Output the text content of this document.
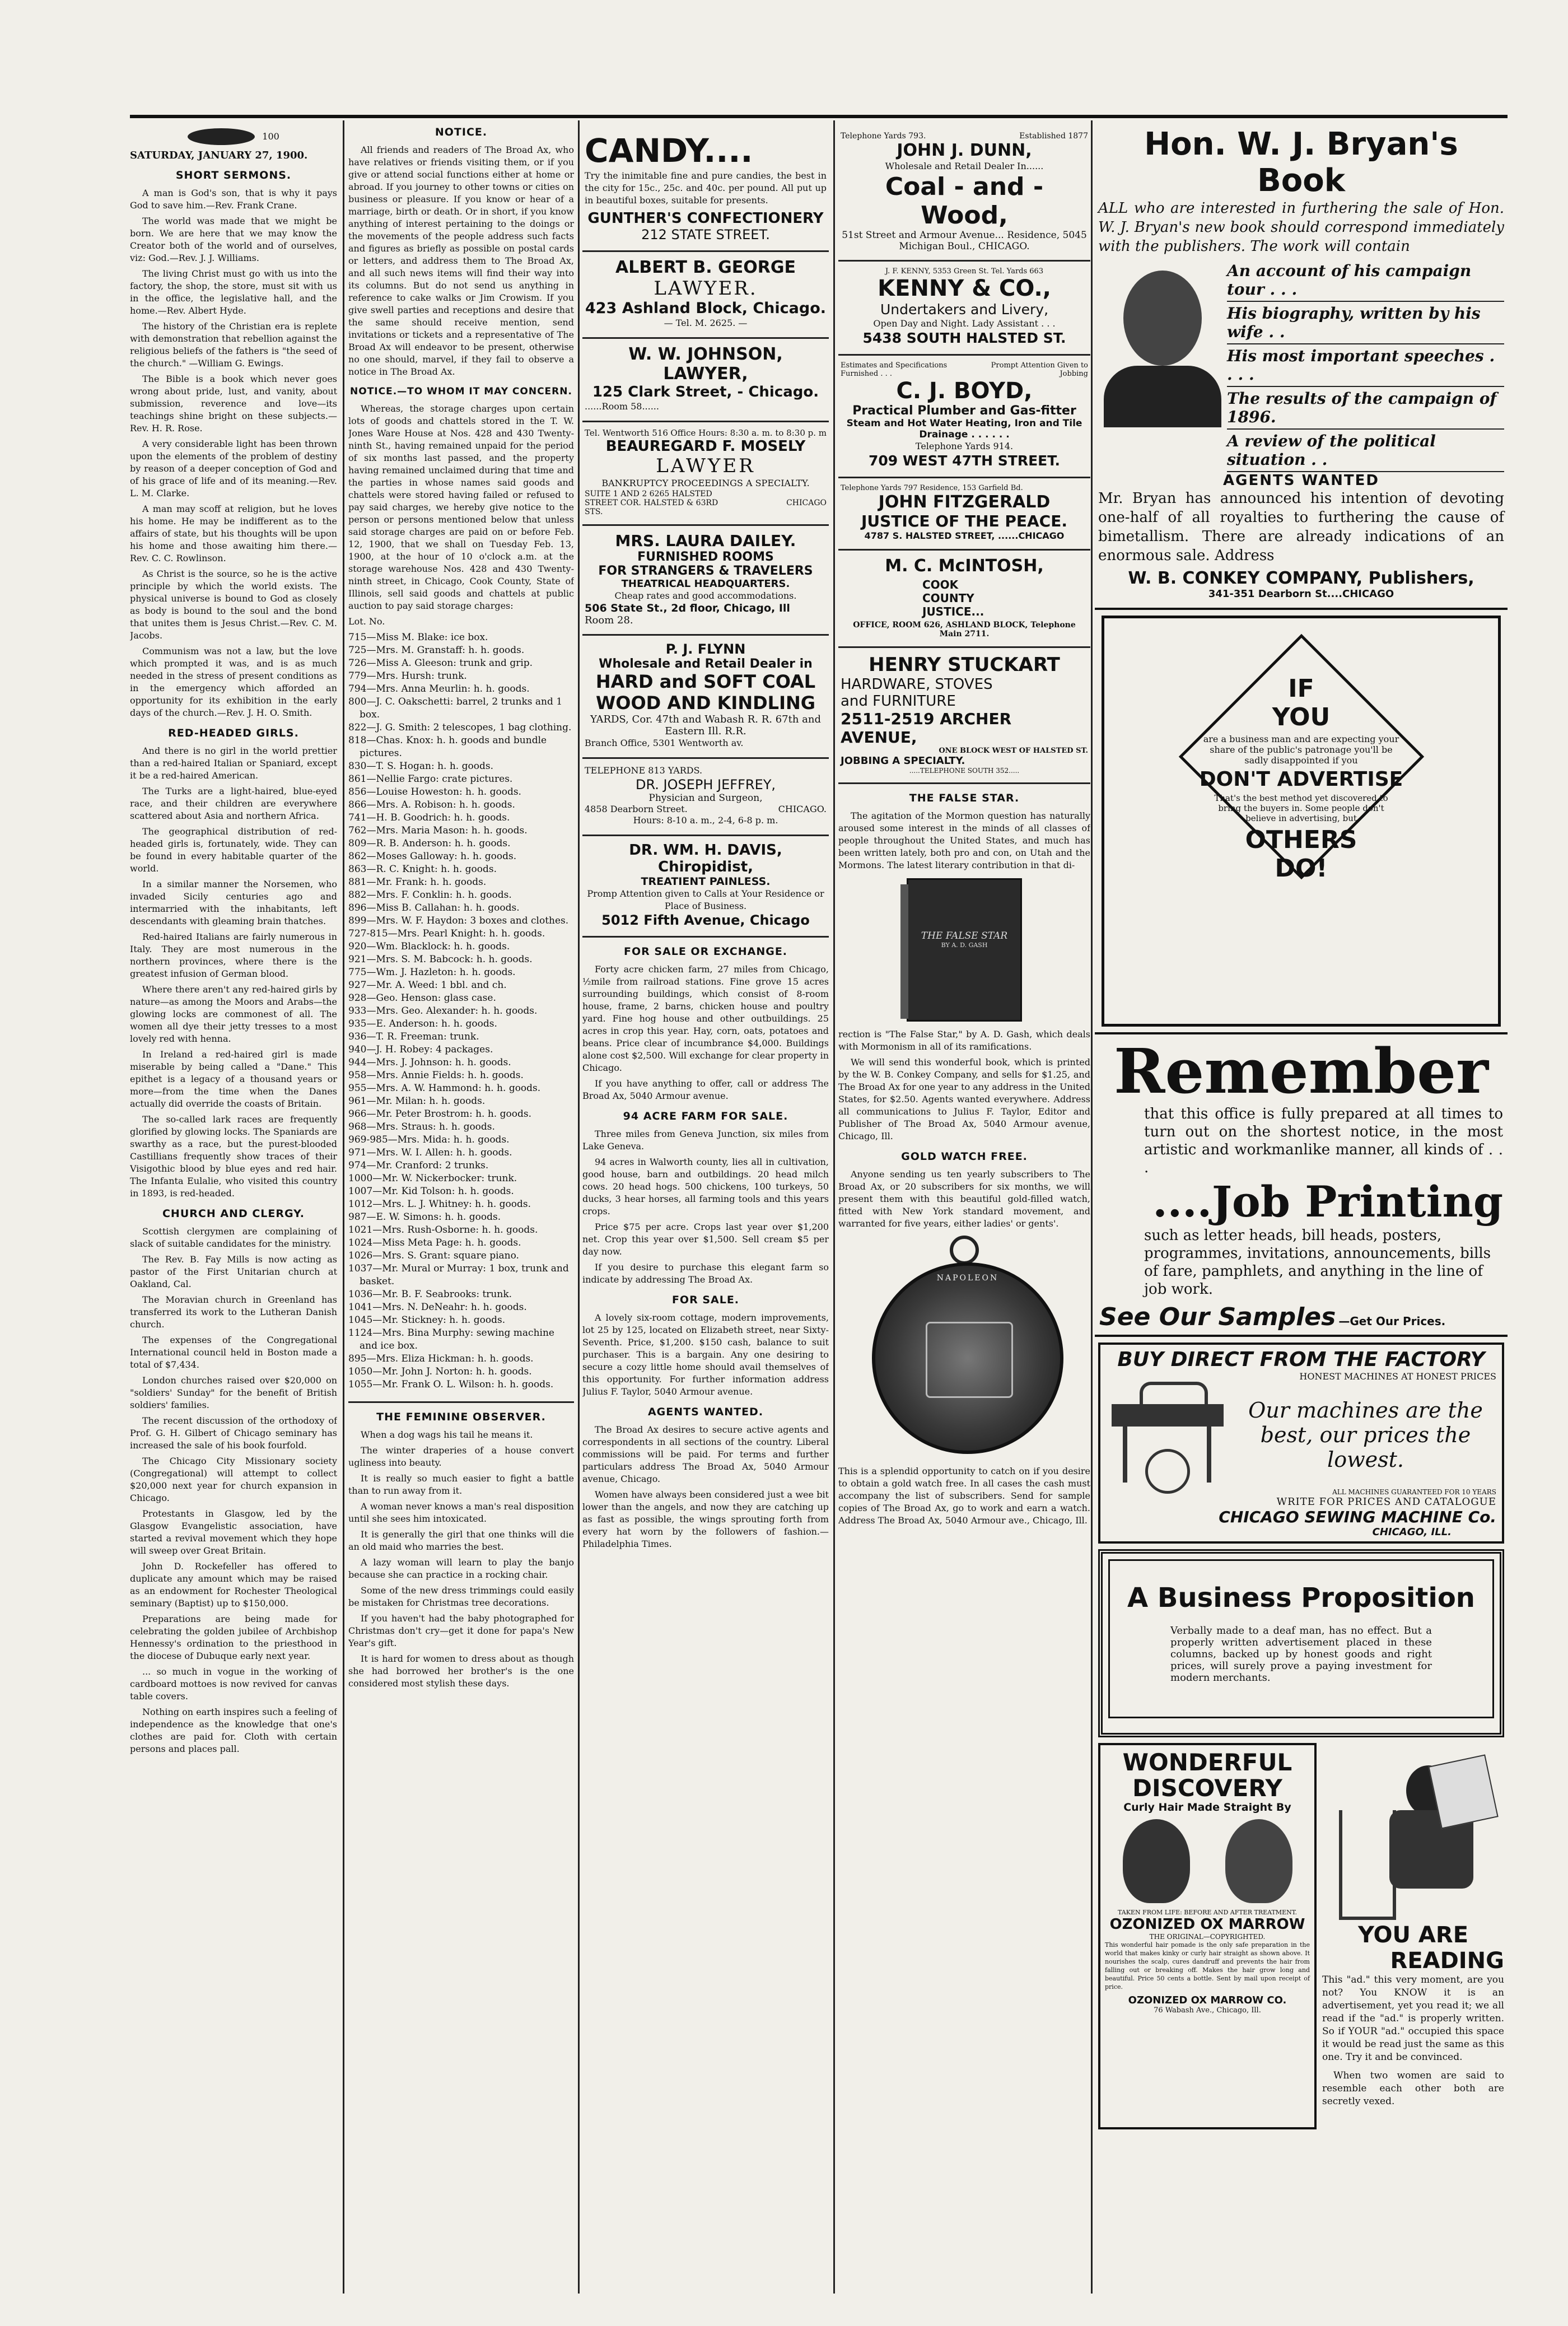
100
SATURDAY, JANUARY 27, 1900.
SHORT SERMONS.

A man is God's son, that is why it pays God to save him.—Rev. Frank Crane.

The world was made that we might be born. We are here that we may know the Creator both of the world and of ourselves, viz: God.—Rev. J. J. Williams.

The living Christ must go with us into the factory, the shop, the store, must sit with us in the office, the legislative hall, and the home.—Rev. Albert Hyde.

The history of the Christian era is replete with demonstration that rebellion against the religious beliefs of the fathers is "the seed of the church." —William G. Ewings.

The Bible is a book which never goes wrong about pride, lust, and vanity, about submission, reverence and love—its teachings shine bright on these subjects.—Rev. H. R. Rose.

A very considerable light has been thrown upon the elements of the problem of destiny by reason of a deeper conception of God and of his grace of life and of its meaning.—Rev. L. M. Clarke.

A man may scoff at religion, but he loves his home. He may be indifferent as to the affairs of state, but his thoughts will be upon his home and those awaiting him there.—Rev. C. C. Rowlinson.

As Christ is the source, so he is the active principle by which the world exists. The physical universe is bound to God as closely as body is bound to the soul and the bond that unites them is Jesus Christ.—Rev. C. M. Jacobs.

Communism was not a law, but the love which prompted it was, and is as much needed in the stress of present conditions as in the emergency which afforded an opportunity for its exhibition in the early days of the church.—Rev. J. H. O. Smith.

RED-HEADED GIRLS.

And there is no girl in the world prettier than a red-haired Italian or Spaniard, except it be a red-haired American.

The Turks are a light-haired, blue-eyed race, and their children are everywhere scattered about Asia and northern Africa.

The geographical distribution of red-headed girls is, fortunately, wide. They can be found in every habitable quarter of the world.

In a similar manner the Norsemen, who invaded Sicily centuries ago and intermarried with the inhabitants, left descendants with gleaming brain thatches.

Red-haired Italians are fairly numerous in Italy. They are most numerous in the northern provinces, where there is the greatest infusion of German blood.

Where there aren't any red-haired girls by nature—as among the Moors and Arabs—the glowing locks are commonest of all. The women all dye their jetty tresses to a most lovely red with henna.

In Ireland a red-haired girl is made miserable by being called a "Dane." This epithet is a legacy of a thousand years or more—from the time when the Danes actually did override the coasts of Britain.

The so-called lark races are frequently glorified by glowing locks. The Spaniards are swarthy as a race, but the purest-blooded Castillians frequently show traces of their Visigothic blood by blue eyes and red hair. The Infanta Eulalie, who visited this country in 1893, is red-headed.

CHURCH AND CLERGY.

Scottish clergymen are complaining of slack of suitable candidates for the ministry.

The Rev. B. Fay Mills is now acting as pastor of the First Unitarian church at Oakland, Cal.

The Moravian church in Greenland has transferred its work to the Lutheran Danish church.

The expenses of the Congregational International council held in Boston made a total of $7,434.

London churches raised over $20,000 on "soldiers' Sunday" for the benefit of British soldiers' families.

The recent discussion of the orthodoxy of Prof. G. H. Gilbert of Chicago seminary has increased the sale of his book fourfold.

The Chicago City Missionary society (Congregational) will attempt to collect $20,000 next year for church expansion in Chicago.

Protestants in Glasgow, led by the Glasgow Evangelistic association, have started a revival movement which they hope will sweep over Great Britain.

John D. Rockefeller has offered to duplicate any amount which may be raised as an endowment for Rochester Theological seminary (Baptist) up to $150,000.

Preparations are being made for celebrating the golden jubilee of Archbishop Hennessy's ordination to the priesthood in the diocese of Dubuque early next year.

... so much in vogue in the working of cardboard mottoes is now revived for canvas table covers.

Nothing on earth inspires such a feeling of independence as the knowledge that one's clothes are paid for. Cloth with certain persons and places pall.

NOTICE.

All friends and readers of The Broad Ax, who have relatives or friends visiting them, or if you give or attend social functions either at home or abroad. If you journey to other towns or cities on business or pleasure. If you know or hear of a marriage, birth or death. Or in short, if you know anything of interest pertaining to the doings or the movements of the people address such facts and figures as briefly as possible on postal cards or letters, and address them to The Broad Ax, and all such news items will find their way into its columns. But do not send us anything in reference to cake walks or Jim Crowism. If you give swell parties and receptions and desire that the same should receive mention, send invitations or tickets and a representative of The Broad Ax will endeavor to be present, otherwise no one should, marvel, if they fail to observe a notice in The Broad Ax.

NOTICE.—TO WHOM IT MAY CONCERN.

Whereas, the storage charges upon certain lots of goods and chattels stored in the T. W. Jones Ware House at Nos. 428 and 430 Twenty-ninth St., having remained unpaid for the period of six months last passed, and the property having remained unclaimed during that time and the parties in whose names said goods and chattels were stored having failed or refused to pay said charges, we hereby give notice to the person or persons mentioned below that unless said storage charges are paid on or before Feb. 12, 1900, that we shall on Tuesday Feb. 13, 1900, at the hour of 10 o'clock a.m. at the storage warehouse Nos. 428 and 430 Twenty-ninth street, in Chicago, Cook County, State of Illinois, sell said goods and chattels at public auction to pay said storage charges:

Lot. No.

715—Miss M. Blake: ice box.
725—Mrs. M. Granstaff: h. h. goods.
726—Miss A. Gleeson: trunk and grip.
779—Mrs. Hursh: trunk.
794—Mrs. Anna Meurlin: h. h. goods.
800—J. C. Oakschetti: barrel, 2 trunks and 1 box.
822—J. G. Smith: 2 telescopes, 1 bag clothing.
818—Chas. Knox: h. h. goods and bundle pictures.
830—T. S. Hogan: h. h. goods.
861—Nellie Fargo: crate pictures.
856—Louise Howeston: h. h. goods.
866—Mrs. A. Robison: h. h. goods.
741—H. B. Goodrich: h. h. goods.
762—Mrs. Maria Mason: h. h. goods.
809—R. B. Anderson: h. h. goods.
862—Moses Galloway: h. h. goods.
863—R. C. Knight: h. h. goods.
881—Mr. Frank: h. h. goods.
882—Mrs. F. Conklin: h. h. goods.
896—Miss B. Callahan: h. h. goods.
899—Mrs. W. F. Haydon: 3 boxes and clothes.
727-815—Mrs. Pearl Knight: h. h. goods.
920—Wm. Blacklock: h. h. goods.
921—Mrs. S. M. Babcock: h. h. goods.
775—Wm. J. Hazleton: h. h. goods.
927—Mr. A. Weed: 1 bbl. and ch.
928—Geo. Henson: glass case.
933—Mrs. Geo. Alexander: h. h. goods.
935—E. Anderson: h. h. goods.
936—T. R. Freeman: trunk.
940—J. H. Robey: 4 packages.
944—Mrs. J. Johnson: h. h. goods.
958—Mrs. Annie Fields: h. h. goods.
955—Mrs. A. W. Hammond: h. h. goods.
961—Mr. Milan: h. h. goods.
966—Mr. Peter Brostrom: h. h. goods.
968—Mrs. Straus: h. h. goods.
969-985—Mrs. Mida: h. h. goods.
971—Mrs. W. I. Allen: h. h. goods.
974—Mr. Cranford: 2 trunks.
1000—Mr. W. Nickerbocker: trunk.
1007—Mr. Kid Tolson: h. h. goods.
1012—Mrs. L. J. Whitney: h. h. goods.
987—E. W. Simons: h. h. goods.
1021—Mrs. Rush-Osborne: h. h. goods.
1024—Miss Meta Page: h. h. goods.
1026—Mrs. S. Grant: square piano.
1037—Mr. Mural or Murray: 1 box, trunk and basket.
1036—Mr. B. F. Seabrooks: trunk.
1041—Mrs. N. DeNeahr: h. h. goods.
1045—Mr. Stickney: h. h. goods.
1124—Mrs. Bina Murphy: sewing machine and ice box.
895—Mrs. Eliza Hickman: h. h. goods.
1050—Mr. John J. Norton: h. h. goods.
1055—Mr. Frank O. L. Wilson: h. h. goods.
THE FEMININE OBSERVER.

When a dog wags his tail he means it.

The winter draperies of a house convert ugliness into beauty.

It is really so much easier to fight a battle than to run away from it.

A woman never knows a man's real disposition until she sees him intoxicated.

It is generally the girl that one thinks will die an old maid who marries the best.

A lazy woman will learn to play the banjo because she can practice in a rocking chair.

Some of the new dress trimmings could easily be mistaken for Christmas tree decorations.

If you haven't had the baby photographed for Christmas don't cry—get it done for papa's New Year's gift.

It is hard for women to dress about as though she had borrowed her brother's is the one considered most stylish these days.

CANDY....
Try the inimitable fine and pure candies, the best in the city for 15c., 25c. and 40c. per pound. All put up in beautiful boxes, suitable for presents.
GUNTHER'S CONFECTIONERY
212 STATE STREET.
ALBERT B. GEORGE
LAWYER.
423 Ashland Block, Chicago.
— Tel. M. 2625. —
W. W. JOHNSON,
LAWYER,
125 Clark Street, - Chicago.
......Room 58......
Tel. Wentworth 516 Office Hours: 8:30 a. m. to 8:30 p. m
BEAUREGARD F. MOSELY
LAWYER
BANKRUPTCY PROCEEDINGS A SPECIALTY.
SUITE 1 AND 2 6265 HALSTED STREET COR. HALSTED & 63RD STS.
CHICAGO
MRS. LAURA DAILEY.
FURNISHED ROOMS
FOR STRANGERS & TRAVELERS
THEATRICAL HEADQUARTERS.
Cheap rates and good accommodations.
506 State St., 2d floor, Chicago, Ill
Room 28.
P. J. FLYNN
Wholesale and Retail Dealer in
HARD and SOFT COAL
WOOD AND KINDLING
YARDS, Cor. 47th and Wabash R. R. 67th and Eastern Ill. R.R.
Branch Office, 5301 Wentworth av.
TELEPHONE 813 YARDS.
DR. JOSEPH JEFFREY,
Physician and Surgeon,
4858 Dearborn Street.	CHICAGO.
Hours: 8-10 a. m., 2-4, 6-8 p. m.
DR. WM. H. DAVIS, Chiropidist,
TREATIENT PAINLESS.
Promp Attention given to Calls at Your Residence or Place of Business.
5012 Fifth Avenue, Chicago
FOR SALE OR EXCHANGE.

Forty acre chicken farm, 27 miles from Chicago, ½mile from railroad stations. Fine grove 15 acres surrounding buildings, which consist of 8-room house, frame, 2 barns, chicken house and poultry yard. Fine hog house and other outbuildings. 25 acres in crop this year. Hay, corn, oats, potatoes and beans. Price clear of incumbrance $4,000. Buildings alone cost $2,500. Will exchange for clear property in Chicago.

If you have anything to offer, call or address The Broad Ax, 5040 Armour avenue.

94 ACRE FARM FOR SALE.

Three miles from Geneva Junction, six miles from Lake Geneva.

94 acres in Walworth county, lies all in cultivation, good house, barn and outbildings. 20 head milch cows. 20 head hogs. 500 chickens, 100 turkeys, 50 ducks, 3 hear horses, all farming tools and this years crops.

Price $75 per acre. Crops last year over $1,200 net. Crop this year over $1,500. Sell cream $5 per day now.

If you desire to purchase this elegant farm so indicate by addressing The Broad Ax.

FOR SALE.

A lovely six-room cottage, modern improvements, lot 25 by 125, located on Elizabeth street, near Sixty-Seventh. Price, $1,200. $150 cash, balance to suit purchaser. This is a bargain. Any one desiring to secure a cozy little home should avail themselves of this opportunity. For further information address Julius F. Taylor, 5040 Armour avenue.

AGENTS WANTED.

The Broad Ax desires to secure active agents and correspondents in all sections of the country. Liberal commissions will be paid. For terms and further particulars address The Broad Ax, 5040 Armour avenue, Chicago.

Women have always been considered just a wee bit lower than the angels, and now they are catching up as fast as possible, the wings sprouting forth from every hat worn by the followers of fashion.—Philadelphia Times.

Telephone Yards 793.	Established 1877
JOHN J. DUNN,
Wholesale and Retail Dealer In......
Coal - and - Wood,
51st Street and Armour Avenue... Residence, 5045 Michigan Boul., CHICAGO.
J. F. KENNY, 5353 Green St. Tel. Yards 663
KENNY & CO.,
Undertakers and Livery,
Open Day and Night. Lady Assistant . . .
5438 SOUTH HALSTED ST.
Estimates and Specifications Furnished . . .
Prompt Attention Given to Jobbing
C. J. BOYD,
Practical Plumber and Gas-fitter
Steam and Hot Water Heating, Iron and Tile Drainage . . . . . .
Telephone Yards 914.
709 WEST 47TH STREET.
Telephone Yards 797 Residence, 153 Garfield Bd.
JOHN FITZGERALD
JUSTICE OF THE PEACE.
4787 S. HALSTED STREET, ......CHICAGO
M. C. McINTOSH,
COOK COUNTY JUSTICE...
OFFICE, ROOM 626, ASHLAND BLOCK, Telephone Main 2711.
HENRY STUCKART
HARDWARE, STOVES
and FURNITURE
2511-2519 ARCHER AVENUE,
ONE BLOCK WEST OF HALSTED ST.
JOBBING A SPECIALTY.
.....TELEPHONE SOUTH 352.....
THE FALSE STAR.

The agitation of the Mormon question has naturally aroused some interest in the minds of all classes of people throughout the United States, and much has been written lately, both pro and con, on Utah and the Mormons. The latest literary contribution in that di-

THE FALSE STAR
BY A. D. GASH

rection is "The False Star," by A. D. Gash, which deals with Mormonism in all of its ramifications.

We will send this wonderful book, which is printed by the W. B. Conkey Company, and sells for $1.25, and The Broad Ax for one year to any address in the United States, for $2.50. Agents wanted everywhere. Address all communications to Julius F. Taylor, Editor and Publisher of The Broad Ax, 5040 Armour avenue, Chicago, Ill.

GOLD WATCH FREE.

Anyone sending us ten yearly subscribers to The Broad Ax, or 20 subscribers for six months, we will present them with this beautiful gold-filled watch, fitted with New York standard movement, and warranted for five years, either ladies' or gents'.

NAPOLEON

This is a splendid opportunity to catch on if you desire to obtain a gold watch free. In all cases the cash must accompany the list of subscribers. Send for sample copies of The Broad Ax, go to work and earn a watch. Address The Broad Ax, 5040 Armour ave., Chicago, Ill.

Hon. W. J. Bryan's Book
ALL who are interested in furthering the sale of Hon. W. J. Bryan's new book should correspond immediately with the publishers. The work will contain
An account of his campaign tour . . .
His biography, written by his wife . .
His most important speeches . . . .
The results of the campaign of 1896.
A review of the political situation . .
AGENTS WANTED
Mr. Bryan has announced his intention of devoting one-half of all royalties to furthering the cause of bimetallism. There are already indications of an enormous sale. Address
W. B. CONKEY COMPANY, Publishers,
341-351 Dearborn St....CHICAGO
IF
YOU
are a business man and are expecting your share of the public's patronage you'll be sadly disappointed if you
DON'T ADVERTISE
That's the best method yet discovered to bring the buyers in. Some people don't believe in advertising, but
OTHERS
DO!
Remember
that this office is fully prepared at all times to turn out on the shortest notice, in the most artistic and workmanlike manner, all kinds of . . .
....Job Printing
such as letter heads, bill heads, posters, programmes, invitations, announcements, bills of fare, pamphlets, and anything in the line of job work.
See Our Samples —Get Our Prices.
BUY DIRECT FROM THE FACTORY
HONEST MACHINES AT HONEST PRICES
Our machines are the best, our prices the lowest.
ALL MACHINES GUARANTEED FOR 10 YEARS
WRITE FOR PRICES AND CATALOGUE
CHICAGO SEWING MACHINE Co.
CHICAGO, ILL.
A Business Proposition
Verbally made to a deaf man, has no effect. But a properly written advertisement placed in these columns, backed up by honest goods and right prices, will surely prove a paying investment for modern merchants.
WONDERFUL DISCOVERY
Curly Hair Made Straight By
TAKEN FROM LIFE: BEFORE AND AFTER TREATMENT.
OZONIZED OX MARROW
THE ORIGINAL—COPYRIGHTED.
This wonderful hair pomade is the only safe preparation in the world that makes kinky or curly hair straight as shown above. It nourishes the scalp, cures dandruff and prevents the hair from falling out or breaking off. Makes the hair grow long and beautiful. Price 50 cents a bottle. Sent by mail upon receipt of price.
OZONIZED OX MARROW CO.
76 Wabash Ave., Chicago, Ill.
YOU ARE
READING
This "ad." this very moment, are you not? You KNOW it is an advertisement, yet you read it; we all read if the "ad." is properly written. So if YOUR "ad." occupied this space it would be read just the same as this one. Try it and be convinced.
When two women are said to resemble each other both are secretly vexed.
